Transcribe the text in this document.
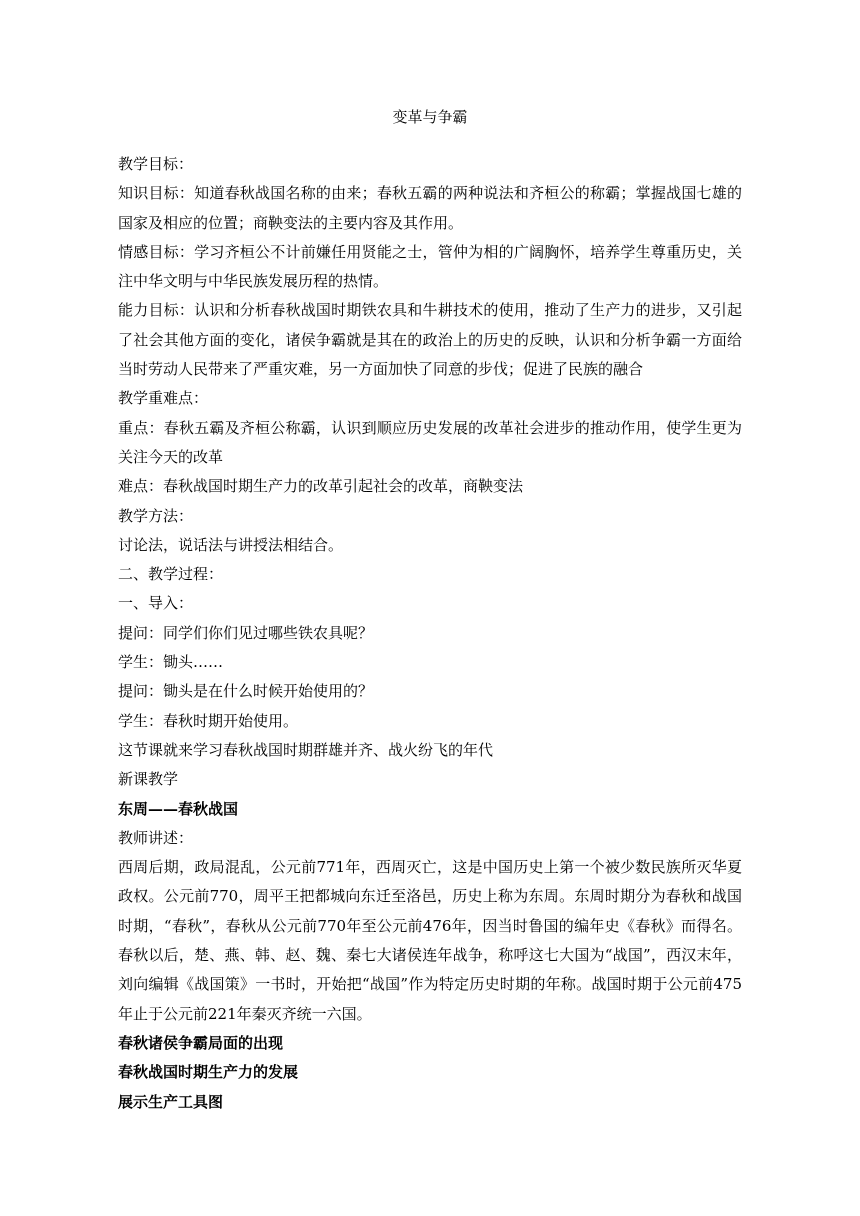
变革与争霸

教学目标：

知识目标：知道春秋战国名称的由来；春秋五霸的两种说法和齐桓公的称霸；掌握战国七雄的国家及相应的位置；商鞅变法的主要内容及其作用。

情感目标：学习齐桓公不计前嫌任用贤能之士，管仲为相的广阔胸怀，培养学生尊重历史，关注中华文明与中华民族发展历程的热情。

能力目标：认识和分析春秋战国时期铁农具和牛耕技术的使用，推动了生产力的进步，又引起了社会其他方面的变化，诸侯争霸就是其在的政治上的历史的反映，认识和分析争霸一方面给当时劳动人民带来了严重灾难，另一方面加快了同意的步伐；促进了民族的融合

教学重难点：

重点：春秋五霸及齐桓公称霸，认识到顺应历史发展的改革社会进步的推动作用，使学生更为关注今天的改革

难点：春秋战国时期生产力的改革引起社会的改革，商鞅变法

教学方法：

讨论法，说话法与讲授法相结合。

二、教学过程：

一、导入：

提问：同学们你们见过哪些铁农具呢？

学生：锄头……

提问：锄头是在什么时候开始使用的？

学生：春秋时期开始使用。

这节课就来学习春秋战国时期群雄并齐、战火纷飞的年代

新课教学

东周——春秋战国

教师讲述：

西周后期，政局混乱，公元前771年，西周灭亡，这是中国历史上第一个被少数民族所灭华夏政权。公元前770，周平王把都城向东迁至洛邑，历史上称为东周。东周时期分为春秋和战国时期，“春秋”，春秋从公元前770年至公元前476年，因当时鲁国的编年史《春秋》而得名。春秋以后，楚、燕、韩、赵、魏、秦七大诸侯连年战争，称呼这七大国为“战国”，西汉末年，刘向编辑《战国策》一书时，开始把“战国”作为特定历史时期的年称。战国时期于公元前475年止于公元前221年秦灭齐统一六国。

春秋诸侯争霸局面的出现

春秋战国时期生产力的发展

展示生产工具图
